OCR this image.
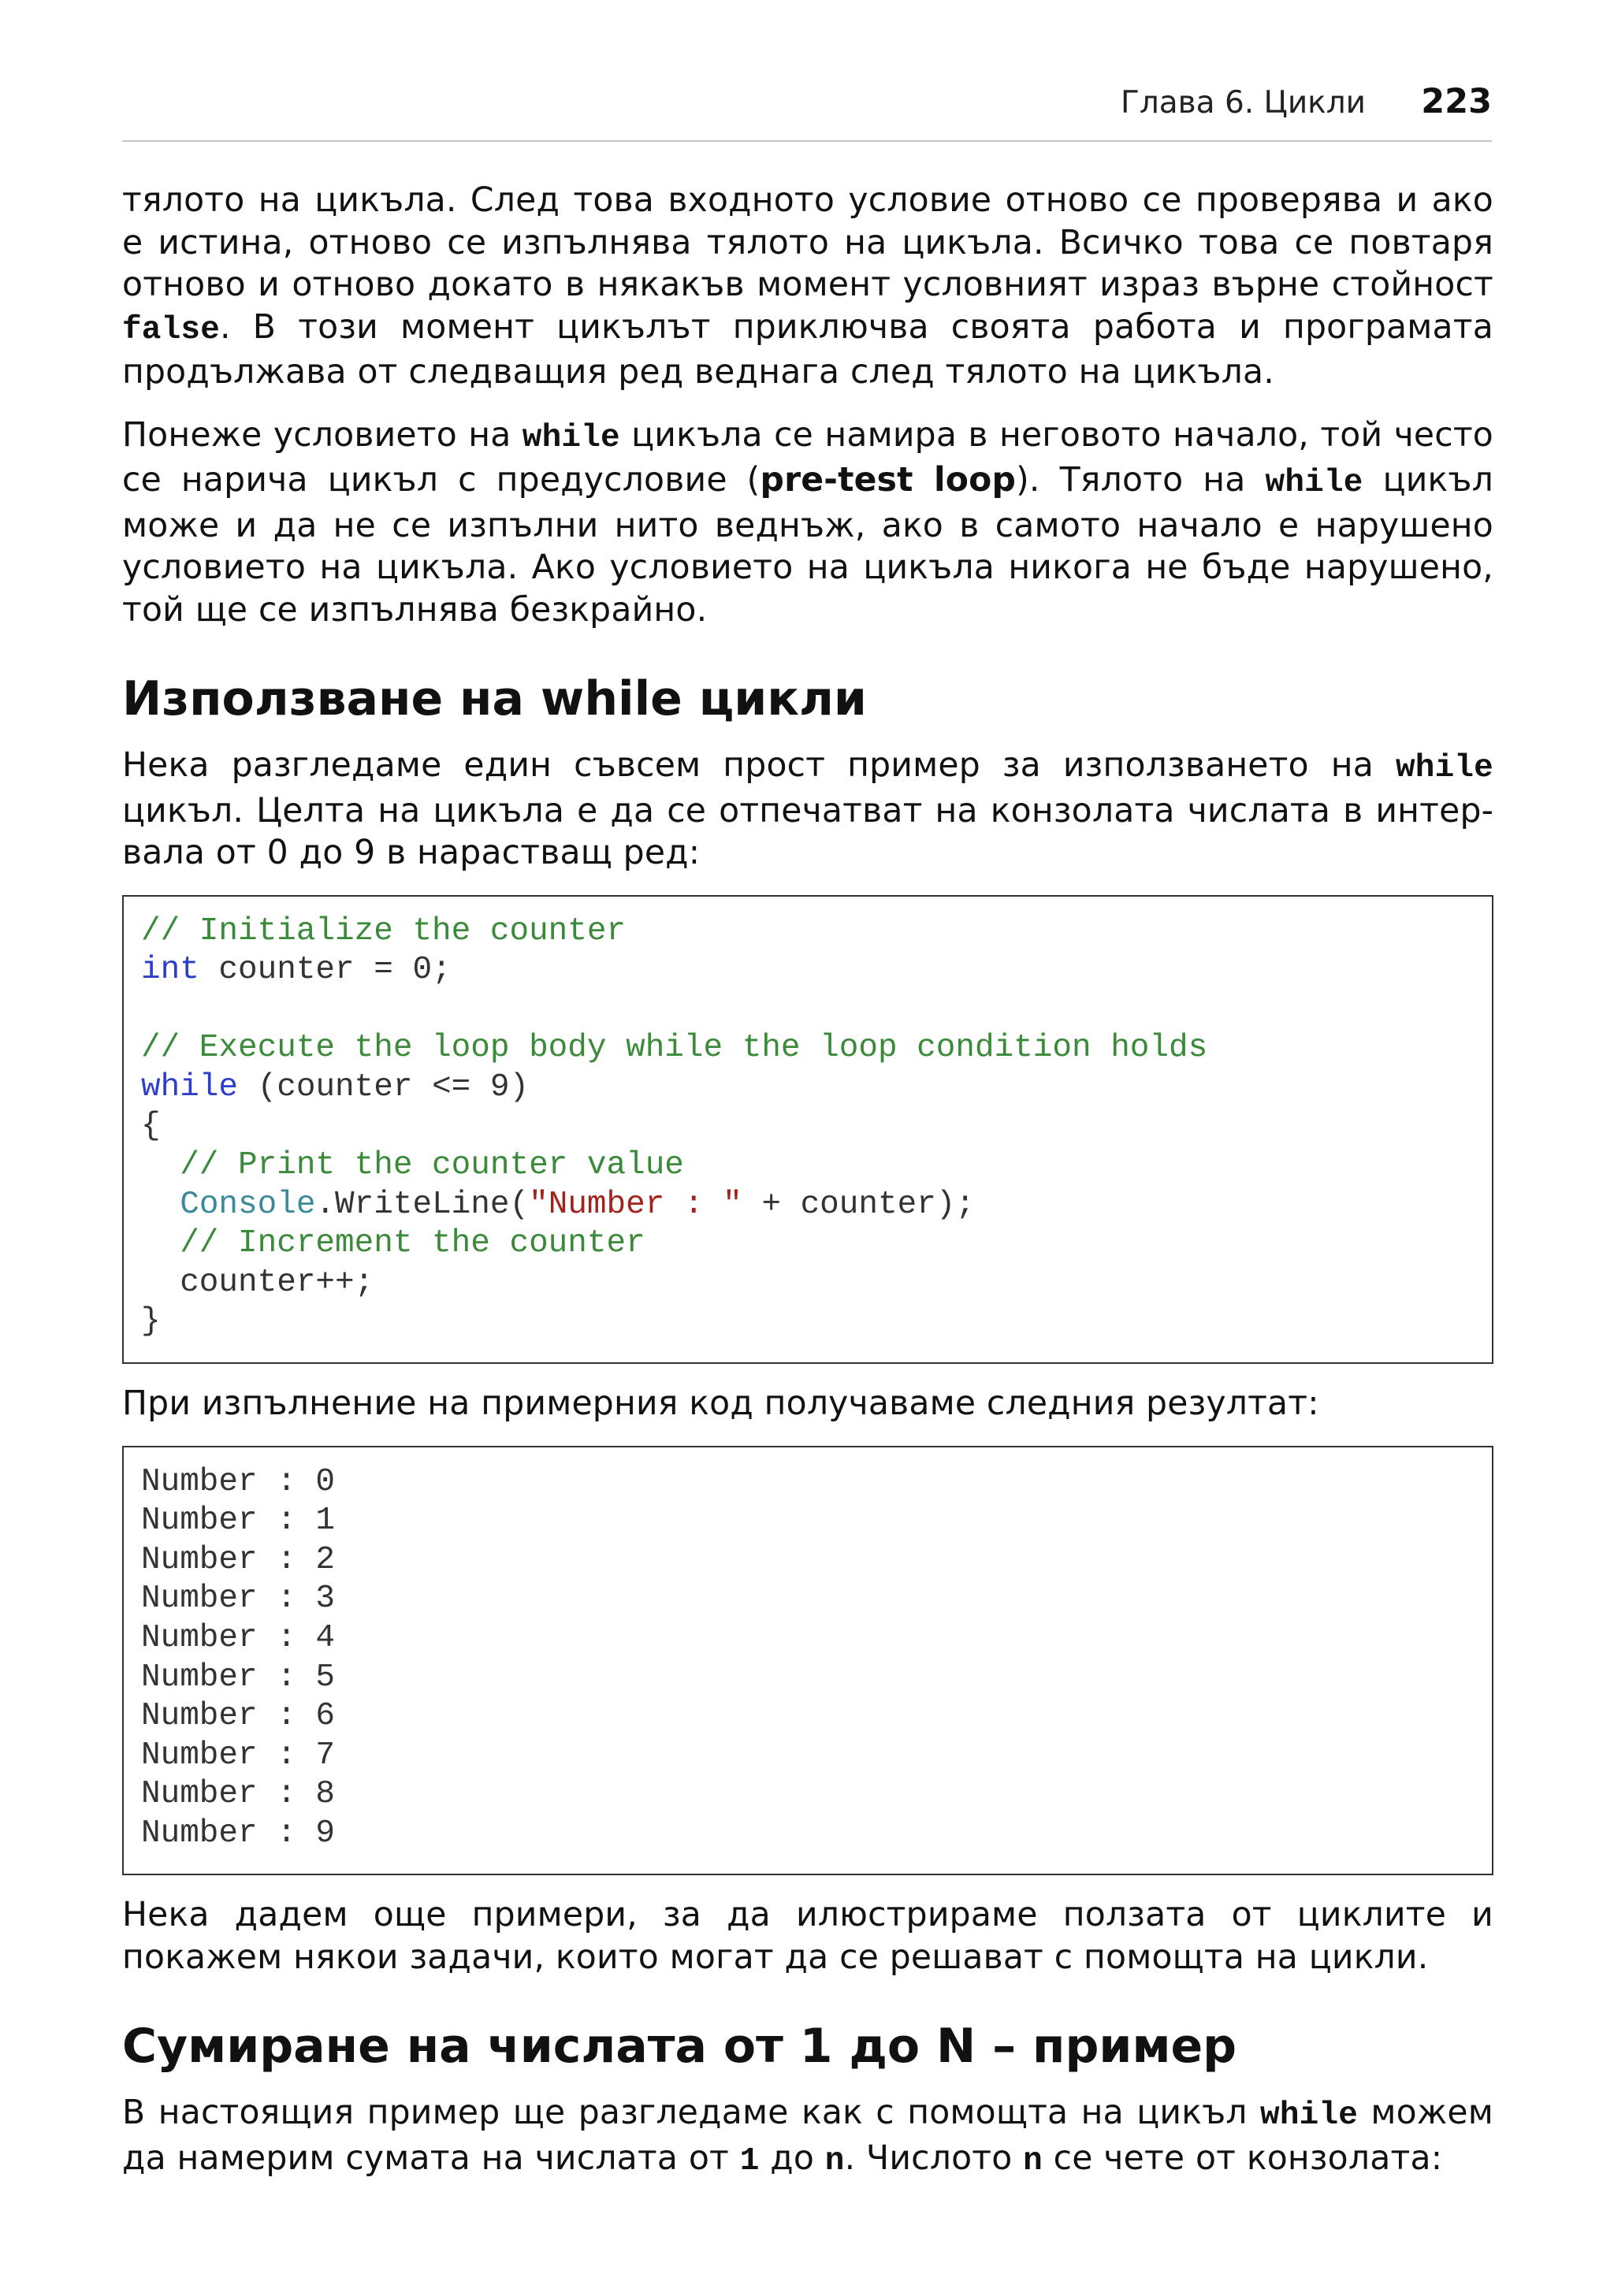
Глава 6. Цикли 223

тялото на цикъла. След това входното условие отново се проверява и ако е истина, отново се изпълнява тялото на цикъла. Всичко това се повтаря отново и отново докато в някакъв момент условният израз върне стойност false. В този момент цикълът приключва своята работа и програмата продължава от следващия ред веднага след тялото на цикъла.

Понеже условието на while цикъла се намира в неговото начало, той често се нарича цикъл с предусловие (pre-test loop). Тялото на while цикъл може и да не се изпълни нито веднъж, ако в самото начало е нарушено условието на цикъла. Ако условието на цикъла никога не бъде нарушено, той ще се изпълнява безкрайно.

Използване на while цикли

Нека разгледаме един съвсем прост пример за използването на while цикъл. Целта на цикъла е да се отпечатват на конзолата числата в интервала от 0 до 9 в нарастващ ред:

// Initialize the counter
int counter = 0;
// Execute the loop body while the loop condition holds
while (counter <= 9)
{
// Print the counter value
Console.WriteLine("Number : " + counter);
// Increment the counter
counter++;
}

При изпълнение на примерния код получаваме следния резултат:

Number : 0
Number : 1
Number : 2
Number : 3
Number : 4
Number : 5
Number : 6
Number : 7
Number : 8
Number : 9

Нека дадем още примери, за да илюстрираме ползата от циклите и покажем някои задачи, които могат да се решават с помощта на цикли.

Сумиране на числата от 1 до N – пример

В настоящия пример ще разгледаме как с помощта на цикъл while можем да намерим сумата на числата от 1 до n. Числото n се чете от конзолата:
